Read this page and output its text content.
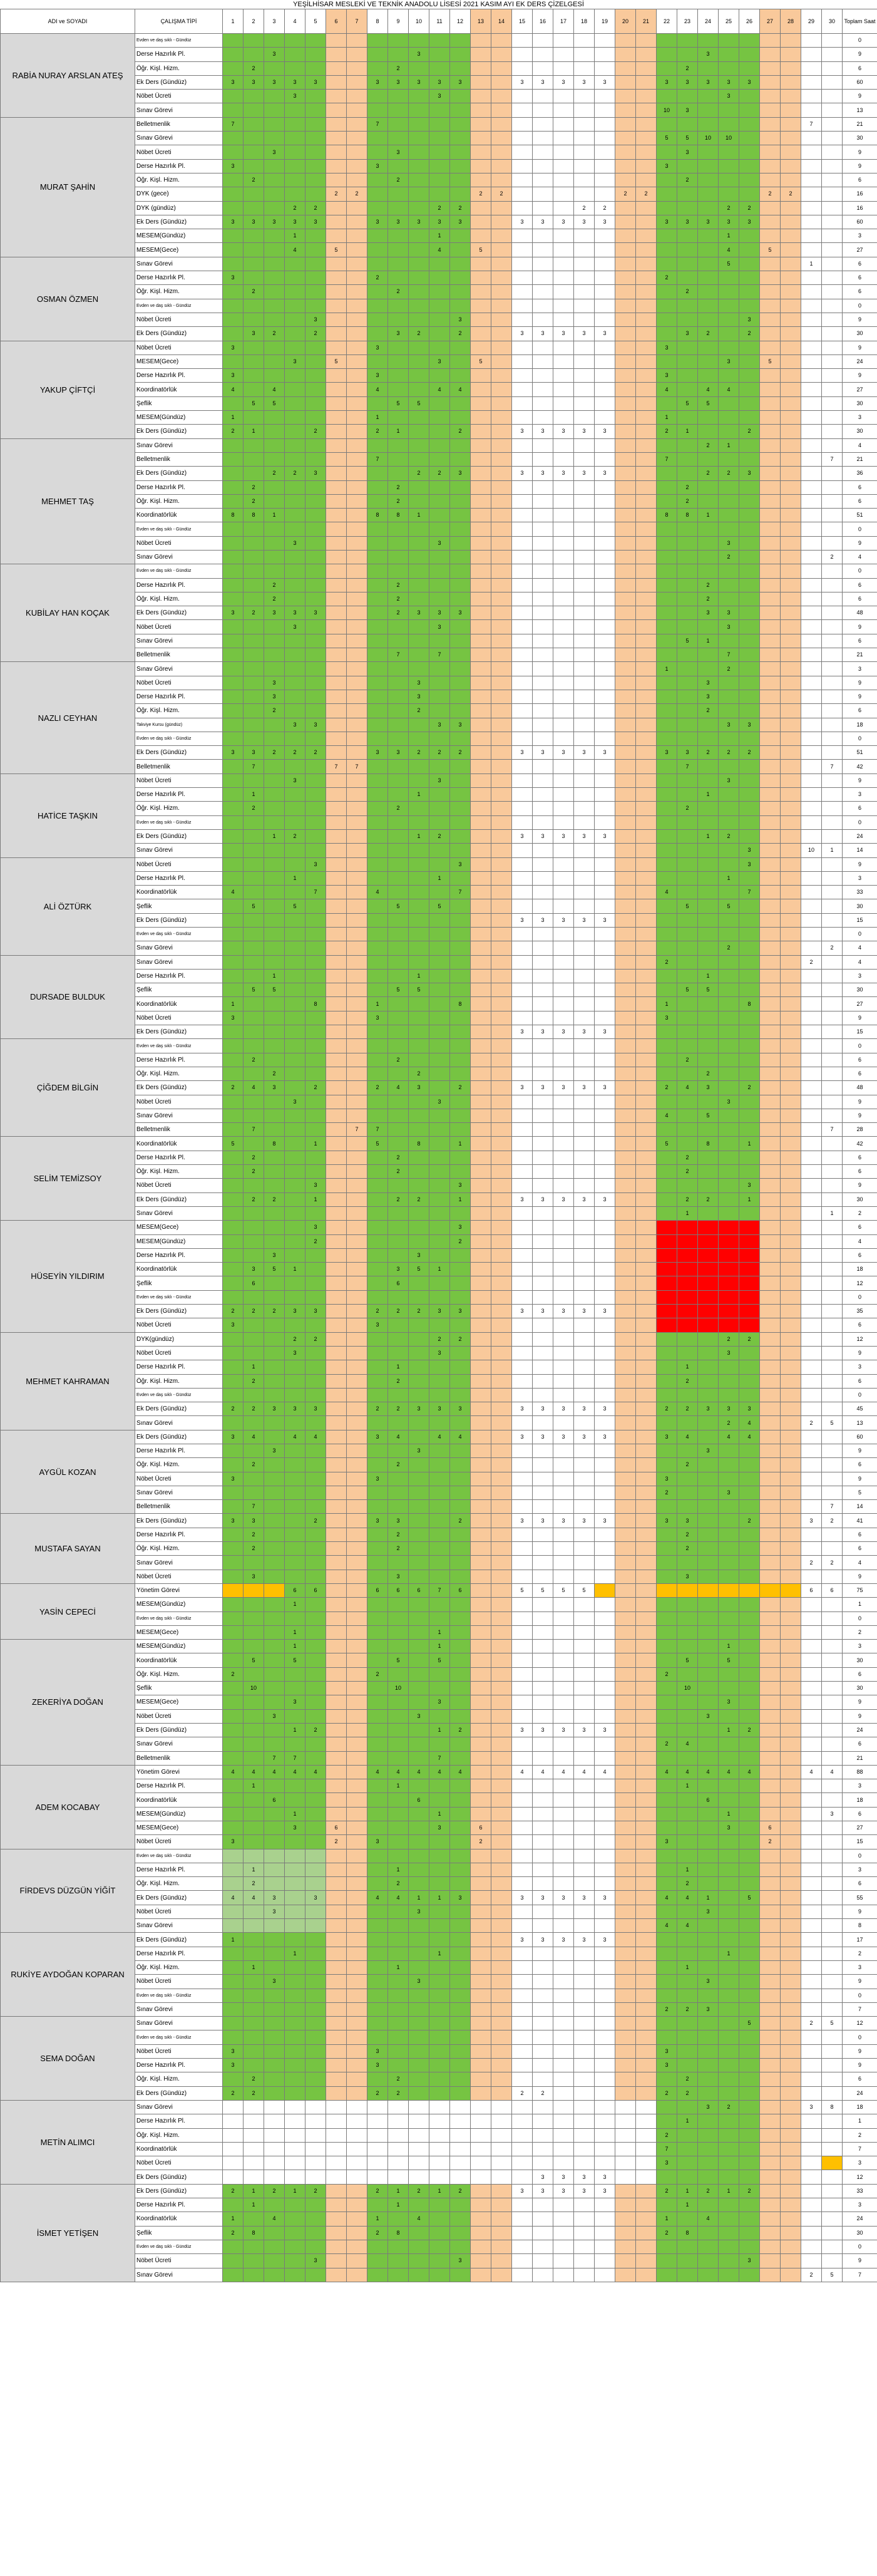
YEŞİLHİSAR MESLEKİ VE TEKNİK ANADOLU LİSESİ 2021 KASIM AYI EK DERS ÇİZELGESİ
ADI ve SOYADI	ÇALIŞMA TİPİ	1	2	3	4	5	6	7	8	9	10	11	12	13	14	15	16	17	18	19	20	21	22	23	24	25	26	27	28	29	30	Toplam Saat
RABİA NURAY ARSLAN ATEŞ	Evden ve daş sıklı - Gündüz																															0
	Derse Hazırlık Pl.			3							3														3							9
	Öğr. Kişl. Hizm.		2							2														2								6
	Ek Ders (Gündüz)	3	3	3	3	3			3	3	3	3	3			3	3	3	3	3			3	3	3	3	3					60
	Nöbet Ücreti				3							3														3						9
	Sınav Görevi																						10	3								13
MURAT ŞAHİN	Belletmenlik	7							7																					7		21
	Sınav Görevi																						5	5	10	10						30
	Nöbet Ücreti			3						3														3								9
	Derse Hazırlık Pl.	3							3														3									9
	Öğr. Kişl. Hizm.		2							2														2								6
	DYK (gece)						2	2						2	2						2	2						2	2			16
	DYK (gündüz)				2	2						2	2						2	2						2	2					16
	Ek Ders (Gündüz)	3	3	3	3	3			3	3	3	3	3			3	3	3	3	3			3	3	3	3	3					60
	MESEM(Gündüz)				1							1														1						3
	MESEM(Gece)				4		5					4		5												4		5				27
OSMAN ÖZMEN	Sınav Görevi																									5				1		6
	Derse Hazırlık Pl.	3							2														2									6
	Öğr. Kişl. Hizm.		2							2														2								6
	Evden ve daş sıklı - Gündüz																															0
	Nöbet Ücreti					3							3														3					9
	Ek Ders (Gündüz)		3	2		2				3	2		2			3	3	3	3	3				3	2		2					30
YAKUP ÇİFTÇİ	Nöbet Ücreti	3							3														3									9
	MESEM(Gece)				3		5					3		5												3		5				24
	Derse Hazırlık Pl.	3							3														3									9
	Koordinatörlük	4		4					4			4	4										4		4	4						27
	Şeflik		5	5						5	5													5	5							30
	MESEM(Gündüz)	1							1														1									3
	Ek Ders (Gündüz)	2	1			2			2	1			2			3	3	3	3	3			2	1			2					30
MEHMET TAŞ	Sınav Görevi																								2	1						4
	Belletmenlik								7														7								7	21
	Ek Ders (Gündüz)			2	2	3					2	2	3			3	3	3	3	3					2	2	3					36
	Derse Hazırlık Pl.		2							2														2								6
	Öğr. Kişl. Hizm.		2							2														2								6
	Koordinatörlük	8	8	1					8	8	1												8	8	1							51
	Evden ve daş sıklı - Gündüz																															0
	Nöbet Ücreti				3							3														3						9
	Sınav Görevi																									2					2	4
KUBİLAY HAN KOÇAK	Evden ve daş sıklı - Gündüz																															0
	Derse Hazırlık Pl.			2						2															2							6
	Öğr. Kişl. Hizm.			2						2															2							6
	Ek Ders (Gündüz)	3	2	3	3	3				2	3	3	3												3	3						48
	Nöbet Ücreti				3							3														3						9
	Sınav Görevi																							5	1							6
	Belletmenlik									7		7														7						21
NAZLI CEYHAN	Sınav Görevi																						1			2						3
	Nöbet Ücreti			3							3														3							9
	Derse Hazırlık Pl.			3							3														3							9
	Öğr. Kişl. Hizm.			2							2														2							6
	Takviye Kursu (gündüz)				3	3						3	3													3	3					18
	Evden ve daş sıklı - Gündüz																															0
	Ek Ders (Gündüz)	3	3	2	2	2			3	3	2	2	2			3	3	3	3	3			3	3	2	2	2					51
	Belletmenlik		7				7	7																7							7	42
HATİCE TAŞKIN	Nöbet Ücreti				3							3														3						9
	Derse Hazırlık Pl.		1								1														1							3
	Öğr. Kişl. Hizm.		2							2														2								6
	Evden ve daş sıklı - Gündüz																															0
	Ek Ders (Gündüz)			1	2						1	2				3	3	3	3	3					1	2						24
	Sınav Görevi																										3			10	1	14
ALİ ÖZTÜRK	Nöbet Ücreti					3							3														3					9
	Derse Hazırlık Pl.				1							1														1						3
	Koordinatörlük	4				7			4				7										4				7					33
	Şeflik		5		5					5		5												5		5						30
	Ek Ders (Gündüz)															3	3	3	3	3												15
	Evden ve daş sıklı - Gündüz																															0
	Sınav Görevi																									2					2	4
DURSADE BULDUK	Sınav Görevi																						2							2		4
	Derse Hazırlık Pl.			1							1														1							3
	Şeflik		5	5						5	5													5	5							30
	Koordinatörlük	1				8			1				8										1				8					27
	Nöbet Ücreti	3							3														3									9
	Ek Ders (Gündüz)															3	3	3	3	3												15
ÇİĞDEM BİLGİN	Evden ve daş sıklı - Gündüz																															0
	Derse Hazırlık Pl.		2							2														2								6
	Öğr. Kişl. Hizm.			2							2														2							6
	Ek Ders (Gündüz)	2	4	3		2			2	4	3		2			3	3	3	3	3			2	4	3		2					48
	Nöbet Ücreti				3							3														3						9
	Sınav Görevi																						4		5							9
	Belletmenlik		7					7	7																						7	28
SELİM TEMİZSOY	Koordinatörlük	5		8		1			5		8		1										5		8		1					42
	Derse Hazırlık Pl.		2							2														2								6
	Öğr. Kişl. Hizm.		2							2														2								6
	Nöbet Ücreti					3							3														3					9
	Ek Ders (Gündüz)		2	2		1				2	2		1			3	3	3	3	3				2	2		1					30
	Sınav Görevi																							1							1	2
HÜSEYİN YILDIRIM	MESEM(Gece)					3							3																			6
	MESEM(Gündüz)					2							2																			4
	Derse Hazırlık Pl.			3							3																					6
	Koordinatörlük		3	5	1					3	5	1																				18
	Şeflik		6							6																						12
	Evden ve daş sıklı - Gündüz																															0
	Ek Ders (Gündüz)	2	2	2	3	3			2	2	2	3	3			3	3	3	3	3												35
	Nöbet Ücreti	3							3																							6
MEHMET KAHRAMAN	DYK(gündüz)				2	2						2	2													2	2					12
	Nöbet Ücreti				3							3														3						9
	Derse Hazırlık Pl.		1							1														1								3
	Öğr. Kişl. Hizm.		2							2														2								6
	Evden ve daş sıklı - Gündüz																															0
	Ek Ders (Gündüz)	2	2	3	3	3			2	2	3	3	3			3	3	3	3	3			2	2	3	3	3					45
	Sınav Görevi																									2	4			2	5	13
AYGÜL KOZAN	Ek Ders (Gündüz)	3	4		4	4			3	4		4	4			3	3	3	3	3			3	4		4	4					60
	Derse Hazırlık Pl.			3							3														3							9
	Öğr. Kişl. Hizm.		2							2														2								6
	Nöbet Ücreti	3							3														3									9
	Sınav Görevi																						2			3						5
	Belletmenlik		7																												7	14
MUSTAFA SAYAN	Ek Ders (Gündüz)	3	3			2			3	3			2			3	3	3	3	3			3	3			2			3	2	41
	Derse Hazırlık Pl.		2							2														2								6
	Öğr. Kişl. Hizm.		2							2														2								6
	Sınav Görevi																													2	2	4
	Nöbet Ücreti		3							3														3								9
YASİN CEPECİ	Yönetim Görevi				6	6			6	6	6	7	6			5	5	5	5											6	6	75
	MESEM(Gündüz)				1																											1
	Evden ve daş sıklı - Gündüz																															0
	MESEM(Gece)				1							1																				2
ZEKERİYA DOĞAN	MESEM(Gündüz)				1							1														1						3
	Koordinatörlük		5		5					5		5												5		5						30
	Öğr. Kişl. Hizm.	2							2														2									6
	Şeflik		10							10														10								30
	MESEM(Gece)				3							3														3						9
	Nöbet Ücreti			3							3														3							9
	Ek Ders (Gündüz)				1	2						1	2			3	3	3	3	3						1	2					24
	Sınav Görevi																						2	4								6
	Belletmenlik			7	7							7																				21
ADEM KOCABAY	Yönetim Görevi	4	4	4	4	4			4	4	4	4	4			4	4	4	4	4			4	4	4	4	4			4	4	88
	Derse Hazırlık Pl.		1							1														1								3
	Koordinatörlük			6							6														6							18
	MESEM(Gündüz)				1							1														1					3	6
	MESEM(Gece)				3		6					3		6												3		6				27
	Nöbet Ücreti	3					2		3					2									3					2				15
FİRDEVS DÜZGÜN YİĞİT	Evden ve daş sıklı - Gündüz																															0
	Derse Hazırlık Pl.		1							1														1								3
	Öğr. Kişl. Hizm.		2							2														2								6
	Ek Ders (Gündüz)	4	4	3		3			4	4	1	1	3			3	3	3	3	3			4	4	1		5					55
	Nöbet Ücreti			3							3														3							9
	Sınav Görevi																						4	4								8
RUKİYE AYDOĞAN KOPARAN	Ek Ders (Gündüz)	1														3	3	3	3	3												17
	Derse Hazırlık Pl.				1							1														1						2
	Öğr. Kişl. Hizm.		1							1														1								3
	Nöbet Ücreti			3							3														3							9
	Evden ve daş sıklı - Gündüz																															0
	Sınav Görevi																						2	2	3							7
SEMA DOĞAN	Sınav Görevi																										5			2	5	12
	Evden ve daş sıklı - Gündüz																															0
	Nöbet Ücreti	3							3														3									9
	Derse Hazırlık Pl.	3							3														3									9
	Öğr. Kişl. Hizm.		2							2														2								6
	Ek Ders (Gündüz)	2	2						2	2						2	2						2	2								24
METİN ALIMCI	Sınav Görevi																								3	2				3	8	18
	Derse Hazırlık Pl.																							1								1
	Öğr. Kişl. Hizm.																						2									2
	Koordinatörlük																						7									7
	Nöbet Ücreti																						3									3
	Ek Ders (Gündüz)																3	3	3	3												12
İSMET YETİŞEN	Ek Ders (Gündüz)	2	1	2	1	2			2	1	2	1	2			3	3	3	3	3			2	1	2	1	2					33
	Derse Hazırlık Pl.		1							1														1								3
	Koordinatörlük	1		4					1		4												1		4							24
	Şeflik	2	8						2	8													2	8								30
	Evden ve daş sıklı - Gündüz																															0
	Nöbet Ücreti					3							3														3					9
	Sınav Görevi																													2	5	7
